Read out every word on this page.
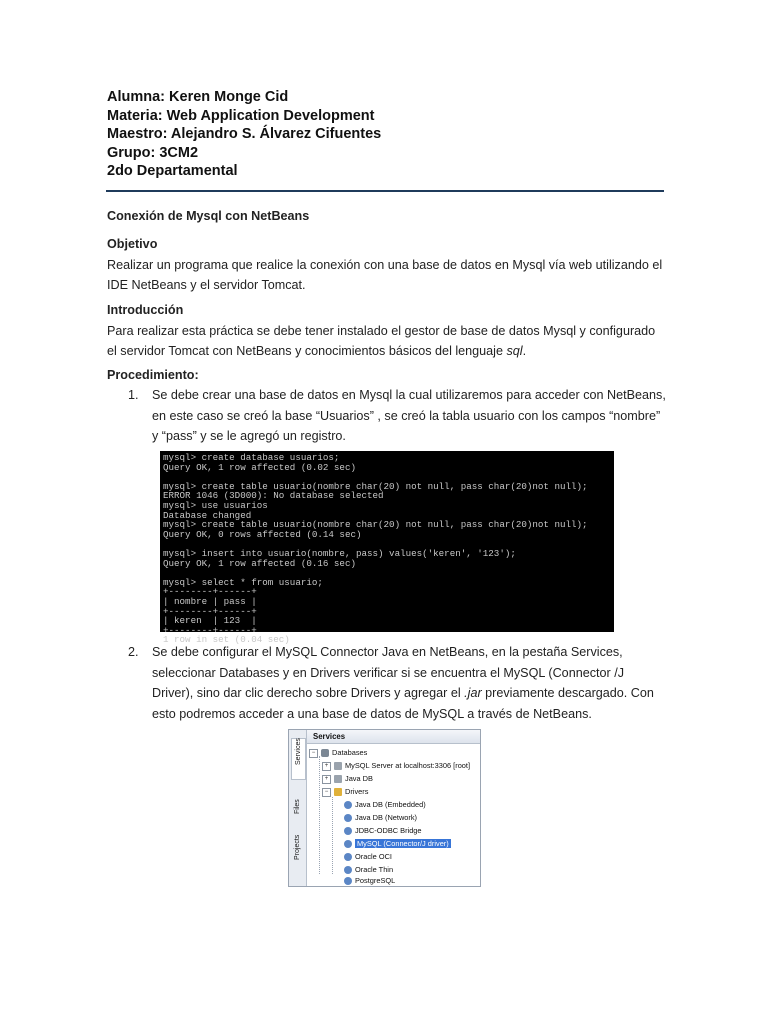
Alumna: Keren Monge Cid
Materia: Web Application Development
Maestro: Alejandro S. Álvarez Cifuentes
Grupo: 3CM2
2do Departamental
Conexión de Mysql con NetBeans
Objetivo
Realizar un programa que realice la conexión con una base de datos en Mysql vía web utilizando el
IDE NetBeans y el servidor Tomcat.
Introducción
Para realizar esta práctica se debe tener instalado el gestor de base de datos Mysql y configurado
el servidor Tomcat con NetBeans y conocimientos básicos del lenguaje sql.
Procedimiento:
1. Se debe crear una base de datos en Mysql la cual utilizaremos para acceder con NetBeans,
en este caso se creó la base “Usuarios” , se creó la tabla usuario con los campos “nombre”
y “pass” y se le agregó un registro.
mysql> create database usuarios;
Query OK, 1 row affected (0.02 sec)
mysql> create table usuario(nombre char(20) not null, pass char(20)not null);
ERROR 1046 (3D000): No database selected
mysql> use usuarios
Database changed
mysql> create table usuario(nombre char(20) not null, pass char(20)not null);
Query OK, 0 rows affected (0.14 sec)
mysql> insert into usuario(nombre, pass) values('keren', '123');
Query OK, 1 row affected (0.16 sec)
mysql> select * from usuario;
+--------+------+
| nombre | pass |
+--------+------+
| keren  | 123  |
+--------+------+
1 row in set (0.04 sec)
2. Se debe configurar el MySQL Connector Java en NetBeans, en la pestaña Services,
seleccionar Databases y en Drivers verificar si se encuentra el MySQL (Connector /J
Driver), sino dar clic derecho sobre Drivers y agregar el .jar previamente descargado. Con
esto podremos acceder a una base de datos de MySQL a través de NetBeans.
Services
Files
Projects
Services
− Databases
+ MySQL Server at localhost:3306 [root]
+ Java DB
− Drivers
Java DB (Embedded)
Java DB (Network)
JDBC-ODBC Bridge
MySQL (Connector/J driver)
Oracle OCI
Oracle Thin
PostgreSQL
